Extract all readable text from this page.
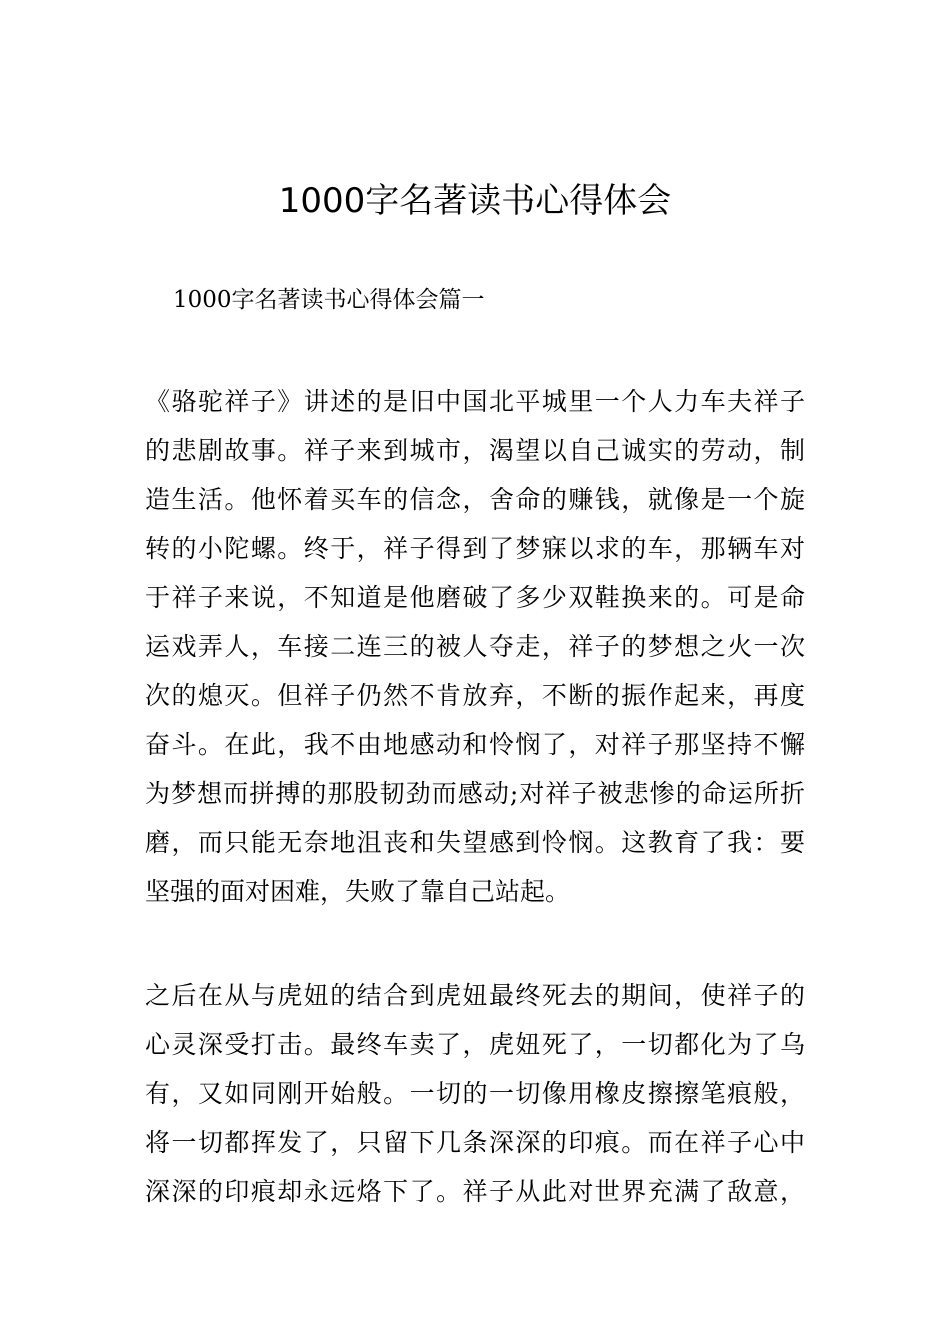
1000字名著读书心得体会

1000字名著读书心得体会篇一

《骆驼祥子》讲述的是旧中国北平城里一个人力车夫祥子
的悲剧故事。祥子来到城市，渴望以自己诚实的劳动，制
造生活。他怀着买车的信念，舍命的赚钱，就像是一个旋
转的小陀螺。终于，祥子得到了梦寐以求的车，那辆车对
于祥子来说，不知道是他磨破了多少双鞋换来的。可是命
运戏弄人，车接二连三的被人夺走，祥子的梦想之火一次
次的熄灭。但祥子仍然不肯放弃，不断的振作起来，再度
奋斗。在此，我不由地感动和怜悯了，对祥子那坚持不懈
为梦想而拼搏的那股韧劲而感动;对祥子被悲惨的命运所折
磨，而只能无奈地沮丧和失望感到怜悯。这教育了我：要
坚强的面对困难，失败了靠自己站起。

之后在从与虎妞的结合到虎妞最终死去的期间，使祥子的
心灵深受打击。最终车卖了，虎妞死了，一切都化为了乌
有，又如同刚开始般。一切的一切像用橡皮擦擦笔痕般，
将一切都挥发了，只留下几条深深的印痕。而在祥子心中
深深的印痕却永远烙下了。祥子从此对世界充满了敌意，
